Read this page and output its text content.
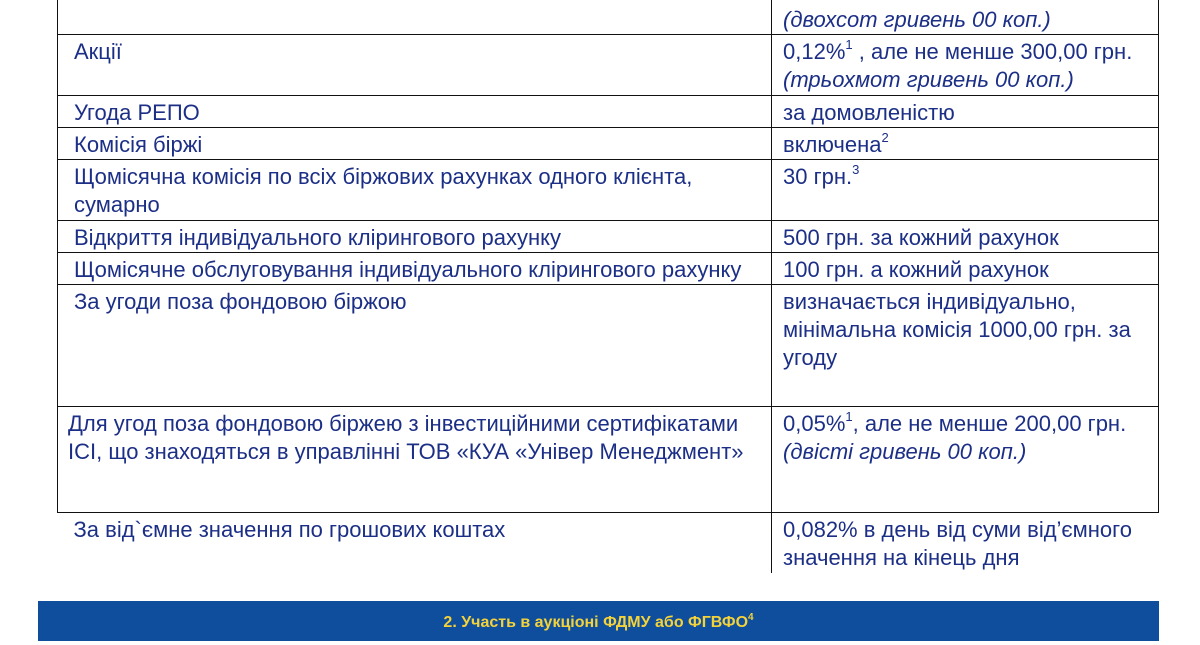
	(двохсот гривень 00 коп.)

Акції	0,12%$^1$ , але не менше 300,00 грн.
(трьохмот гривень 00 коп.)

Угода РЕПО	за домовленістю
Комісія біржі	включена$^2$
Щомісячна комісія по всіх біржових рахунках одного клієнта, сумарно	30 грн.$^3$
Відкриття індивідуального клірингового рахунку	500 грн. за кожний рахунок
Щомісячне обслуговування індивідуального клірингового рахунку	100 грн. а кожний рахунок
За угоди поза фондовою біржою	визначається індивідуально, мінімальна комісія 1000,00 грн. за угоду
Для угод поза фондовою біржею з інвестиційними сертифікатами ІСІ, що знаходяться в управлінні ТОВ «КУА «Універ Менеджмент»	0,05%$^1$, але не менше 200,00 грн.
(двісті гривень 00 коп.)

За від`ємне значення по грошових коштах	0,082% в день від суми від’ємного значення на кінець дня
2. Участь в аукціоні ФДМУ або ФГВФО$^4$
